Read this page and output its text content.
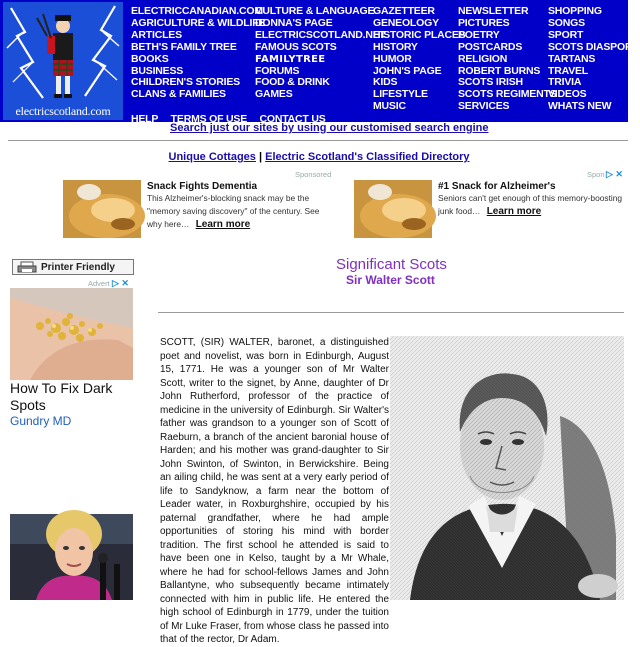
electricscotland.com
ELECTRICCANADIAN.COM
AGRICULTURE & WILDLIFE
ARTICLES
BETH'S FAMILY TREE
BOOKS
BUSINESS
CHILDREN'S STORIES
CLANS & FAMILIES
CULTURE & LANGUAGE
DONNA'S PAGE
ELECTRICSCOTLAND.NET
FAMOUS SCOTS
FAMILYTREE
FORUMS
FOOD & DRINK
GAMES
GAZETTEER
GENEOLOGY
HISTORIC PLACES
HISTORY
HUMOR
JOHN'S PAGE
KIDS
LIFESTYLE
MUSIC
NEWSLETTER
PICTURES
POETRY
POSTCARDS
RELIGION
ROBERT BURNS
SCOTS IRISH
SCOTS REGIMENTS
SERVICES
SHOPPING
SONGS
SPORT
SCOTS DIASPORA
TARTANS
TRAVEL
TRIVIA
VIDEOS
WHATS NEW
HELP TERMS OF USE CONTACT US
Search just our sites by using our customised search engine
Unique Cottages | Electric Scotland's Classified Directory
Snack Fights Dementia
This Alzheimer's-blocking snack may be the "memory saving discovery" of the century. See why here… Learn more
Sponsored
#1 Snack for Alzheimer's
Seniors can't get enough of this memory-boosting junk food… Learn more
Spon ▷ ✕
Printer Friendly
Advert ▷ ✕
How To Fix Dark Spots
Gundry MD
Significant Scots
Sir Walter Scott
SCOTT, (SIR) WALTER, baronet, a distinguished poet and novelist, was born in Edinburgh, August 15, 1771. He was a younger son of Mr Walter Scott, writer to the signet, by Anne, daughter of Dr John Rutherford, professor of the practice of medicine in the university of Edinburgh. Sir Walter's father was grandson to a younger son of Scott of Raeburn, a branch of the ancient baronial house of Harden; and his mother was grand-daughter to Sir John Swinton, of Swinton, in Berwickshire. Being an ailing child, he was sent at a very early period of life to Sandyknow, a farm near the bottom of Leader water, in Roxburghshire, occupied by his paternal grandfather, where he had ample opportunities of storing his mind with border tradition. The first school he attended is said to have been one in Kelso, taught by a Mr Whale, where he had for school-fellows James and John Ballantyne, who subsequently became intimately connected with him in public life. He entered the high school of Edinburgh in 1779, under the tuition of Mr Luke Fraser, from whose class he passed into that of the rector, Dr Adam.
